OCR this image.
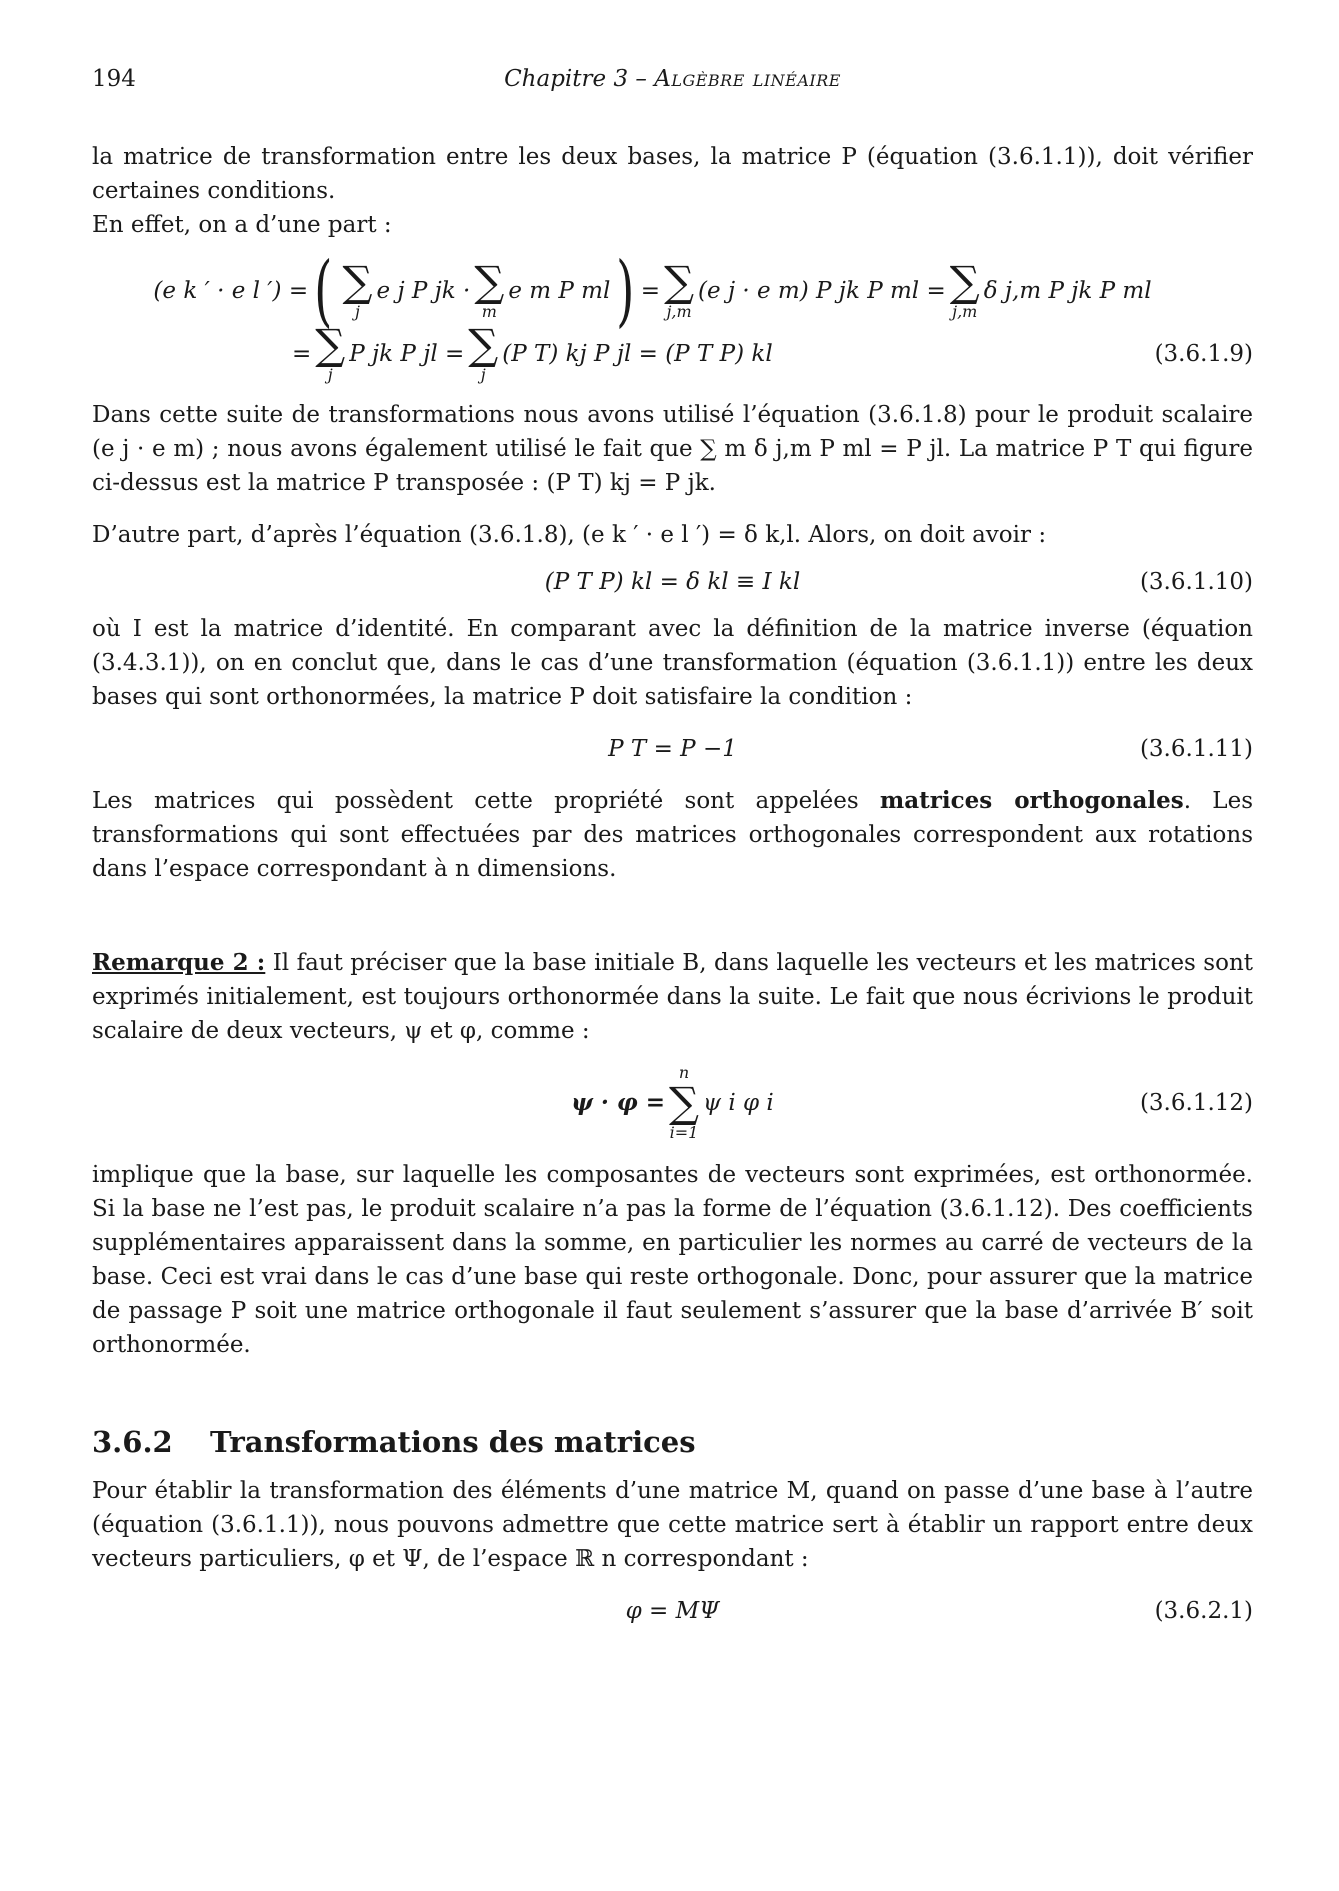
194	Chapitre 3 – Algèbre linéaire

la matrice de transformation entre les deux bases, la matrice P (équation (3.6.1.1)), doit vérifier certaines conditions.

En effet, on a d’une part :

(e k ′ · e l ′) = ( ∑
j
e j P jk · ∑
m
e m P ml ) = ∑
j,m
(e j · e m) P jk P ml = ∑
j,m
δ j,m P jk P ml
= ∑
j
P jk P jl = ∑
j
(P T) kj P jl = (P T P) kl	(3.6.1.9)

Dans cette suite de transformations nous avons utilisé l’équation (3.6.1.8) pour le produit scalaire (e j · e m) ; nous avons également utilisé le fait que ∑ m δ j,m P ml = P jl. La matrice P T qui figure ci-dessus est la matrice P transposée : (P T) kj = P jk.

D’autre part, d’après l’équation (3.6.1.8), (e k ′ · e l ′) = δ k,l. Alors, on doit avoir :

(P T P) kl = δ kl ≡ I kl	(3.6.1.10)

où I est la matrice d’identité. En comparant avec la définition de la matrice inverse (équation (3.4.3.1)), on en conclut que, dans le cas d’une transformation (équation (3.6.1.1)) entre les deux bases qui sont orthonormées, la matrice P doit satisfaire la condition :

P T = P −1	(3.6.1.11)

Les matrices qui possèdent cette propriété sont appelées matrices orthogonales. Les transformations qui sont effectuées par des matrices orthogonales correspondent aux rotations dans l’espace correspondant à n dimensions.

Remarque 2 : Il faut préciser que la base initiale B, dans laquelle les vecteurs et les matrices sont exprimés initialement, est toujours orthonormée dans la suite. Le fait que nous écrivions le produit scalaire de deux vecteurs, ψ et φ, comme :

ψ · φ =
n
∑
i=1
ψ i φ i	(3.6.1.12)

implique que la base, sur laquelle les composantes de vecteurs sont exprimées, est orthonormée. Si la base ne l’est pas, le produit scalaire n’a pas la forme de l’équation (3.6.1.12). Des coefficients supplémentaires apparaissent dans la somme, en particulier les normes au carré de vecteurs de la base. Ceci est vrai dans le cas d’une base qui reste orthogonale. Donc, pour assurer que la matrice de passage P soit une matrice orthogonale il faut seulement s’assurer que la base d’arrivée B′ soit orthonormée.

3.6.2 Transformations des matrices

Pour établir la transformation des éléments d’une matrice M, quand on passe d’une base à l’autre (équation (3.6.1.1)), nous pouvons admettre que cette matrice sert à établir un rapport entre deux vecteurs particuliers, φ et Ψ, de l’espace ℝ n correspondant :

φ = MΨ	(3.6.2.1)
